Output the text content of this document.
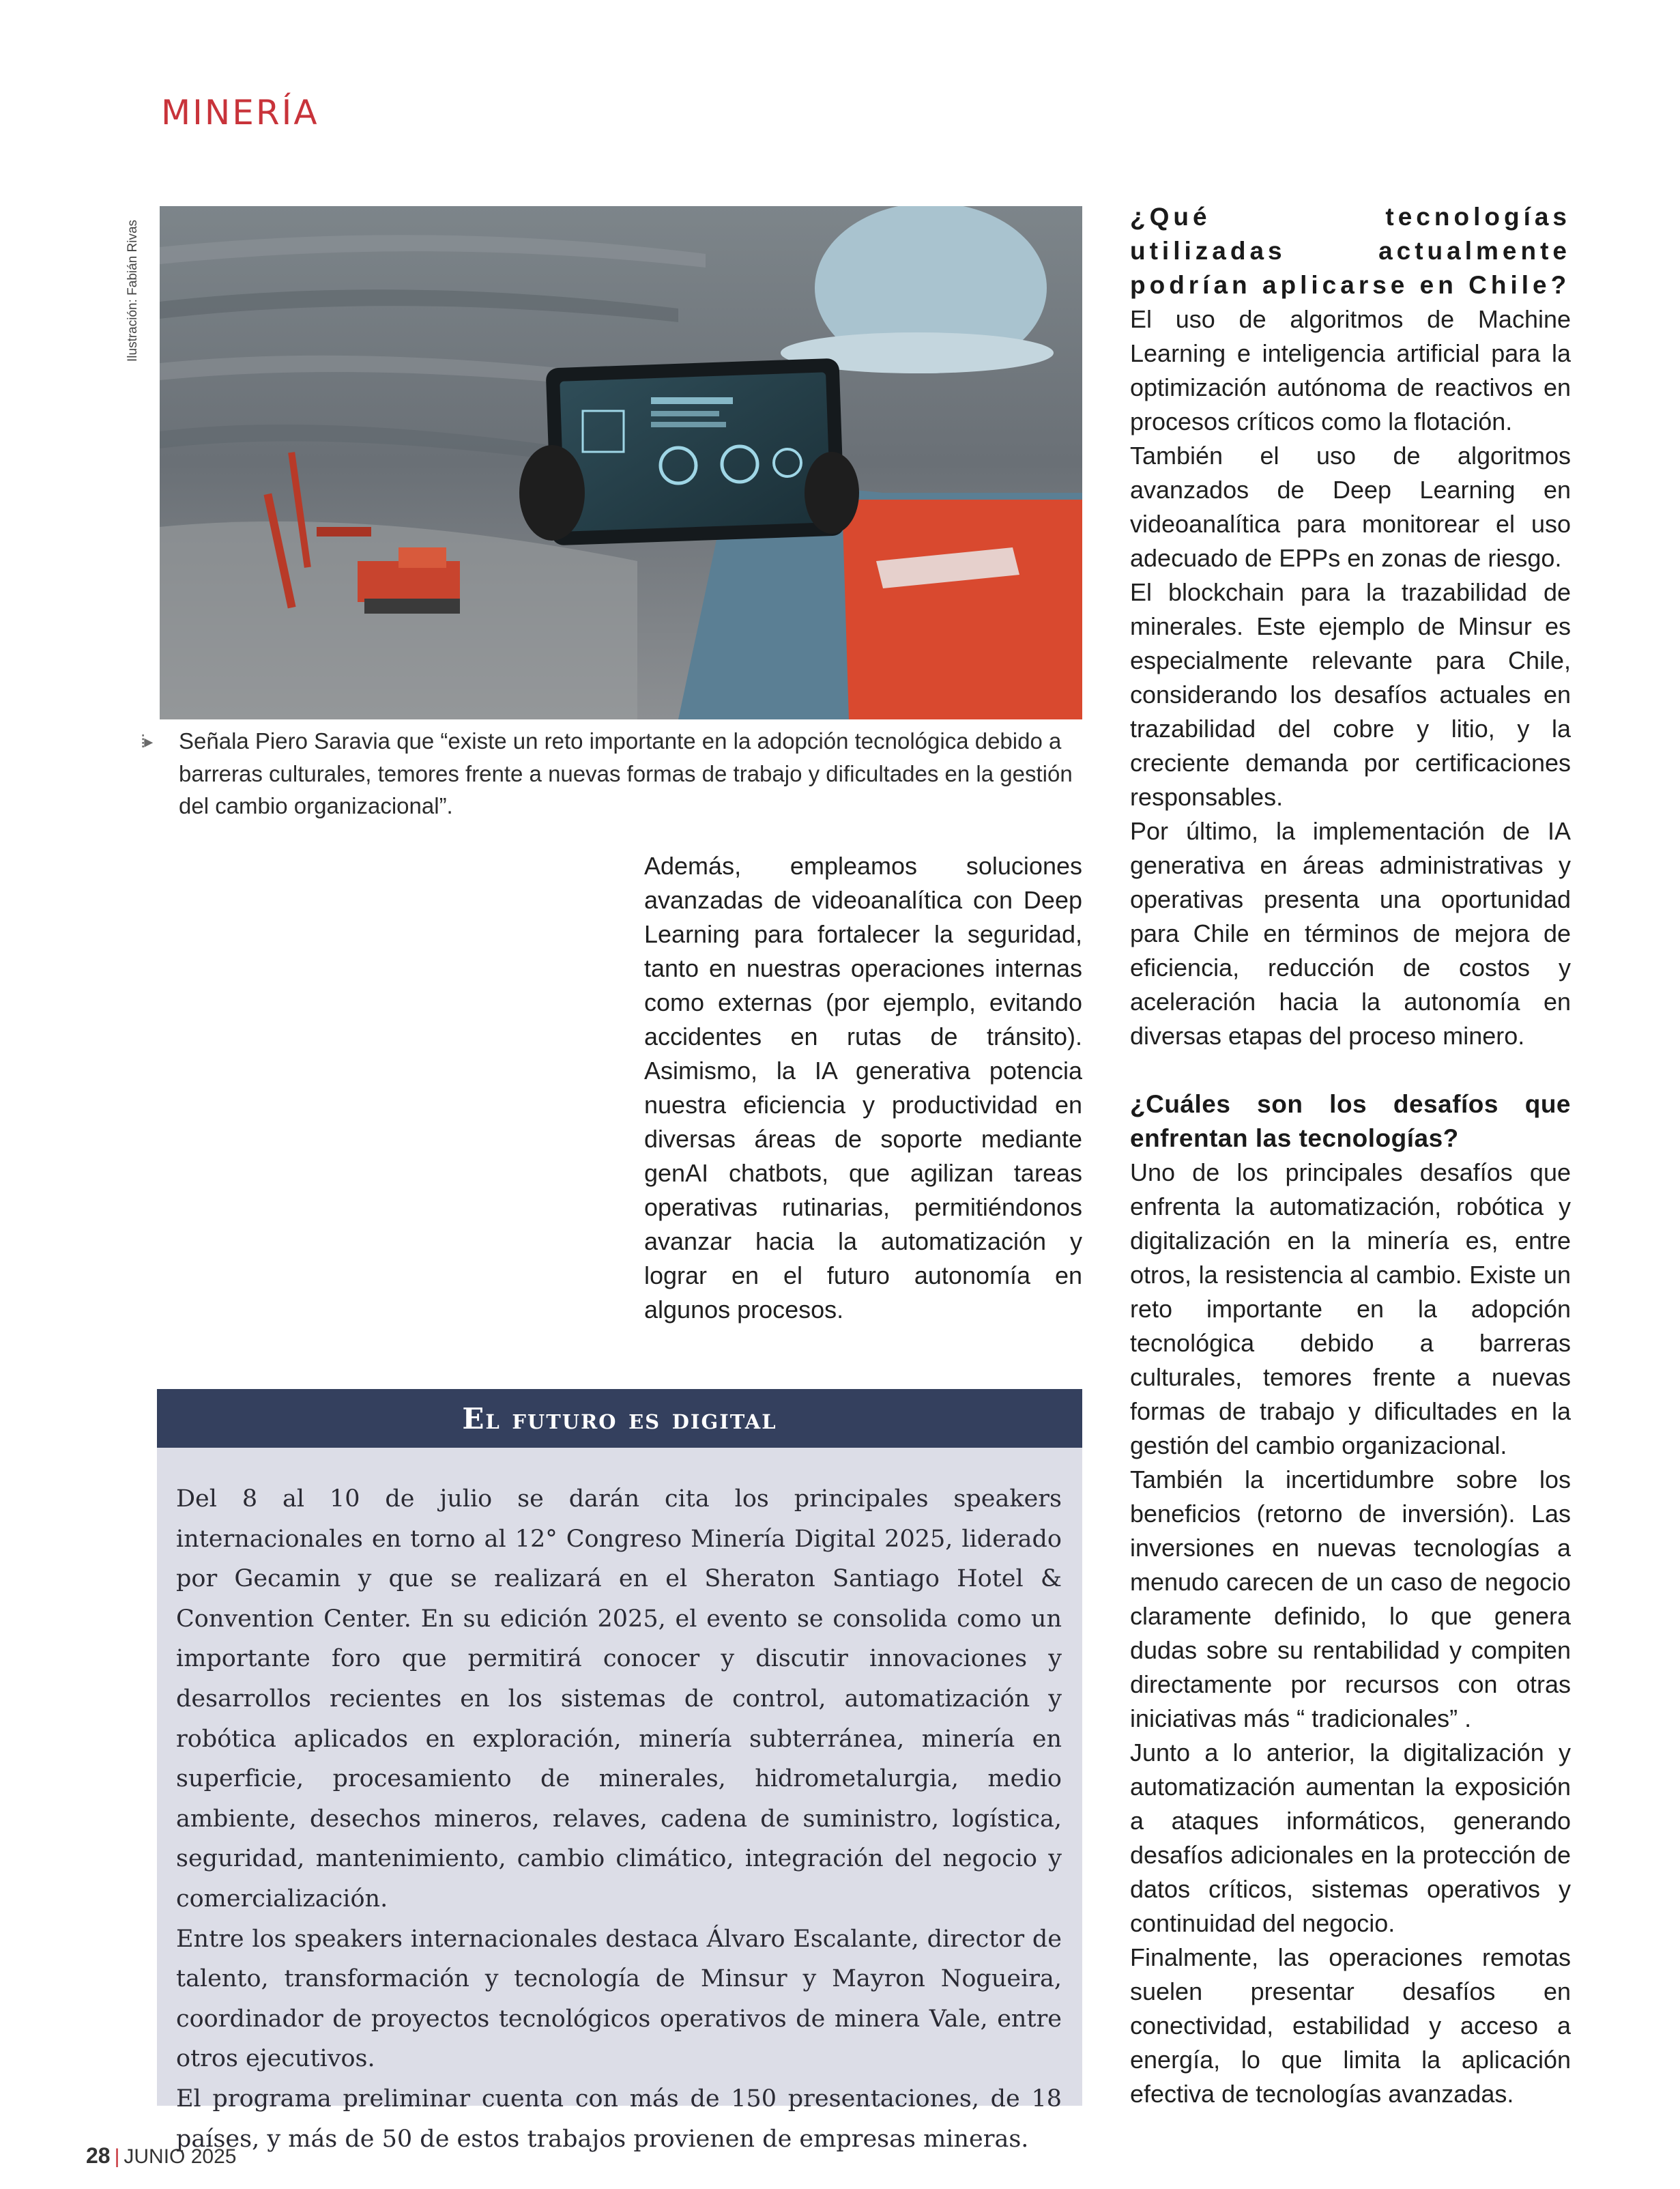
MINERÍA
Ilustración: Fabián Rivas

⁞▸ Señala Piero Saravia que “existe un reto importante en la adopción tecnológica debido a barreras culturales, temores frente a nuevas formas de trabajo y dificultades en la gestión del cambio organizacional”.

Además, empleamos soluciones avanzadas de videoanalítica con Deep Learning para fortalecer la seguridad, tanto en nuestras operaciones internas como externas (por ejemplo, evitando accidentes en rutas de tránsito). Asimismo, la IA generativa potencia nuestra eficiencia y productividad en diversas áreas de soporte mediante genAI chatbots, que agilizan tareas operativas rutinarias, permitiéndonos avanzar hacia la automatización y lograr en el futuro autonomía en algunos procesos.

¿Qué tecnologías utilizadas actualmente podrían aplicarse en Chile?

El uso de algoritmos de Machine Learning e inteligencia artificial para la optimización autónoma de reactivos en procesos críticos como la flotación.

También el uso de algoritmos avanzados de Deep Learning en videoanalítica para monitorear el uso adecuado de EPPs en zonas de riesgo.

El blockchain para la trazabilidad de minerales. Este ejemplo de Minsur es especialmente relevante para Chile, considerando los desafíos actuales en trazabilidad del cobre y litio, y la creciente demanda por certificaciones responsables.

Por último, la implementación de IA generativa en áreas administrativas y operativas presenta una oportunidad para Chile en términos de mejora de eficiencia, reducción de costos y aceleración hacia la autonomía en diversas etapas del proceso minero.

¿Cuáles son los desafíos que enfrentan las tecnologías?

Uno de los principales desafíos que enfrenta la automatización, robótica y digitalización en la minería es, entre otros, la resistencia al cambio. Existe un reto importante en la adopción tecnológica debido a barreras culturales, temores frente a nuevas formas de trabajo y dificultades en la gestión del cambio organizacional.

También la incertidumbre sobre los beneficios (retorno de inversión). Las inversiones en nuevas tecnologías a menudo carecen de un caso de negocio claramente definido, lo que genera dudas sobre su rentabilidad y compiten directamente por recursos con otras iniciativas más “ tradicionales” .

Junto a lo anterior, la digitalización y automatización aumentan la exposición a ataques informáticos, generando desafíos adicionales en la protección de datos críticos, sistemas operativos y continuidad del negocio.

Finalmente, las operaciones remotas suelen presentar desafíos en conectividad, estabilidad y acceso a energía, lo que limita la aplicación efectiva de tecnologías avanzadas.

El futuro es digital

Del 8 al 10 de julio se darán cita los principales speakers internacionales en torno al 12° Congreso Minería Digital 2025, liderado por Gecamin y que se realizará en el Sheraton Santiago Hotel & Convention Center. En su edición 2025, el evento se consolida como un importante foro que permitirá conocer y discutir innovaciones y desarrollos recientes en los sistemas de control, automatización y robótica aplicados en exploración, minería subterránea, minería en superficie, procesamiento de minerales, hidrometalurgia, medio ambiente, desechos mineros, relaves, cadena de suministro, logística, seguridad, mantenimiento, cambio climático, integración del negocio y comercialización.

Entre los speakers internacionales destaca Álvaro Escalante, director de talento, transformación y tecnología de Minsur y Mayron Nogueira, coordinador de proyectos tecnológicos operativos de minera Vale, entre otros ejecutivos.

El programa preliminar cuenta con más de 150 presentaciones, de 18 países, y más de 50 de estos trabajos provienen de empresas mineras.

28 | JUNIO 2025
